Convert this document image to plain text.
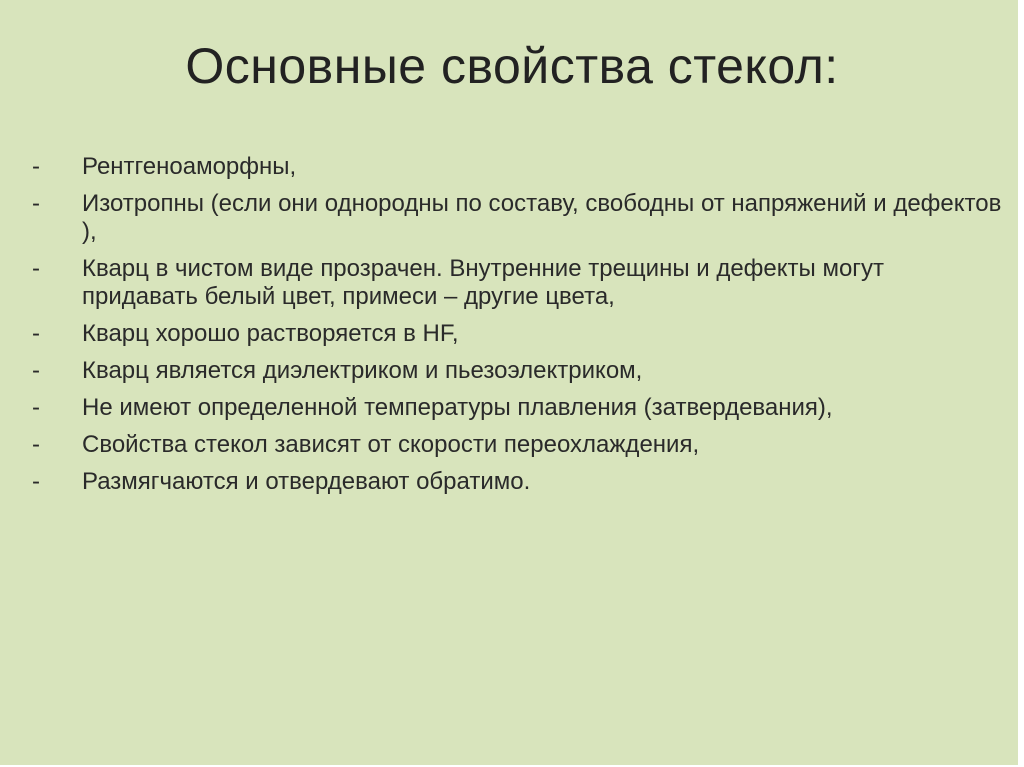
Основные свойства стекол:
-	Рентгеноаморфны,
-	Изотропны (если они однородны по составу, свободны от напряжений и дефектов ),
-	Кварц в чистом виде прозрачен. Внутренние трещины и дефекты могут придавать белый цвет, примеси – другие цвета,
-	Кварц хорошо растворяется в HF,
-	Кварц является диэлектриком и пьезоэлектриком,
-	Не имеют определенной температуры плавления (затвердевания),
-	Свойства стекол зависят от скорости переохлаждения,
-	Размягчаются и отвердевают обратимо.
